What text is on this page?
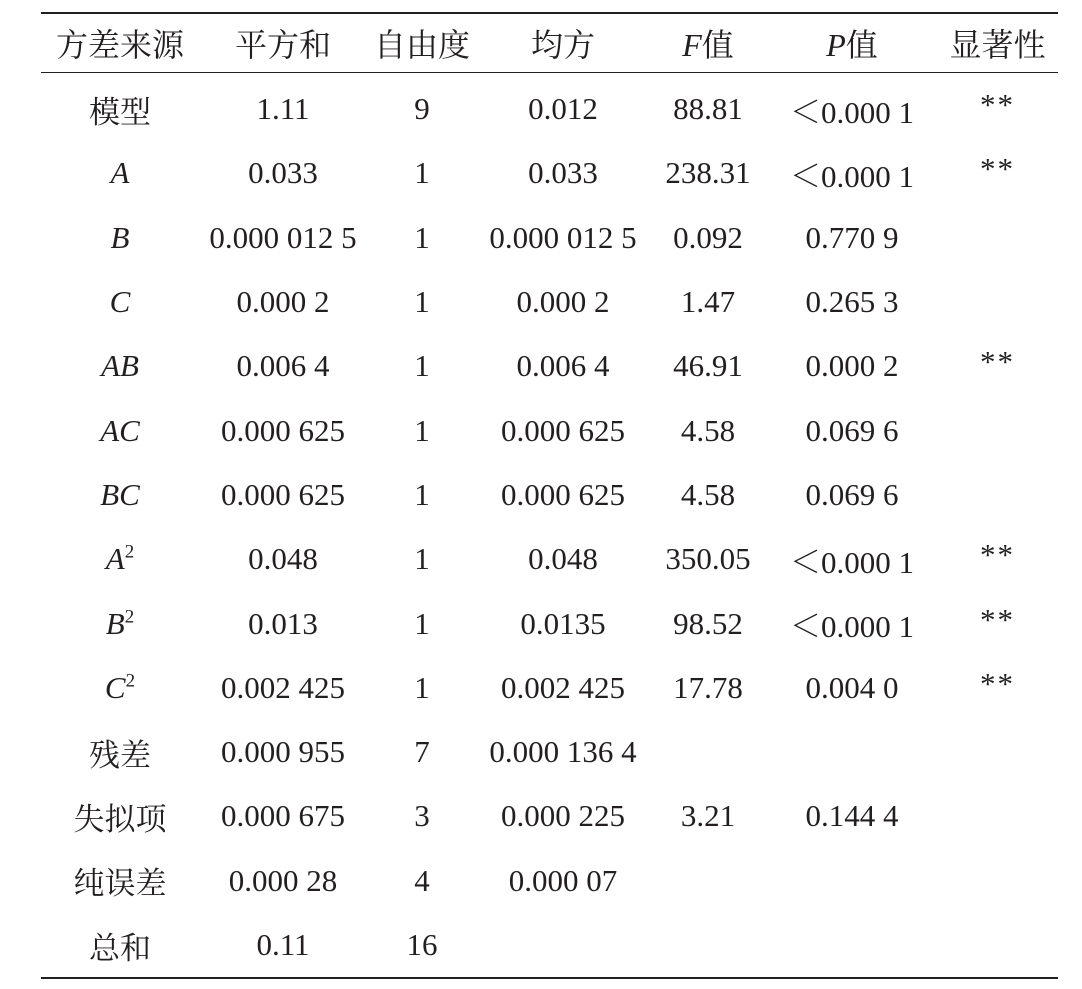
方差来源	平方和	自由度	均方	F值	P值	显著性
模型	1.11	9	0.012	88.81	＜0.000 1	**
A	0.033	1	0.033	238.31	＜0.000 1	**
B	0.000 012 5	1	0.000 012 5	0.092	0.770 9	
C	0.000 2	1	0.000 2	1.47	0.265 3	
AB	0.006 4	1	0.006 4	46.91	0.000 2	**
AC	0.000 625	1	0.000 625	4.58	0.069 6	
BC	0.000 625	1	0.000 625	4.58	0.069 6	
$A^2$	0.048	1	0.048	350.05	＜0.000 1	**
$B^2$	0.013	1	0.0135	98.52	＜0.000 1	**
$C^2$	0.002 425	1	0.002 425	17.78	0.004 0	**
残差	0.000 955	7	0.000 136 4			
失拟项	0.000 675	3	0.000 225	3.21	0.144 4	
纯误差	0.000 28	4	0.000 07			
总和	0.11	16				
